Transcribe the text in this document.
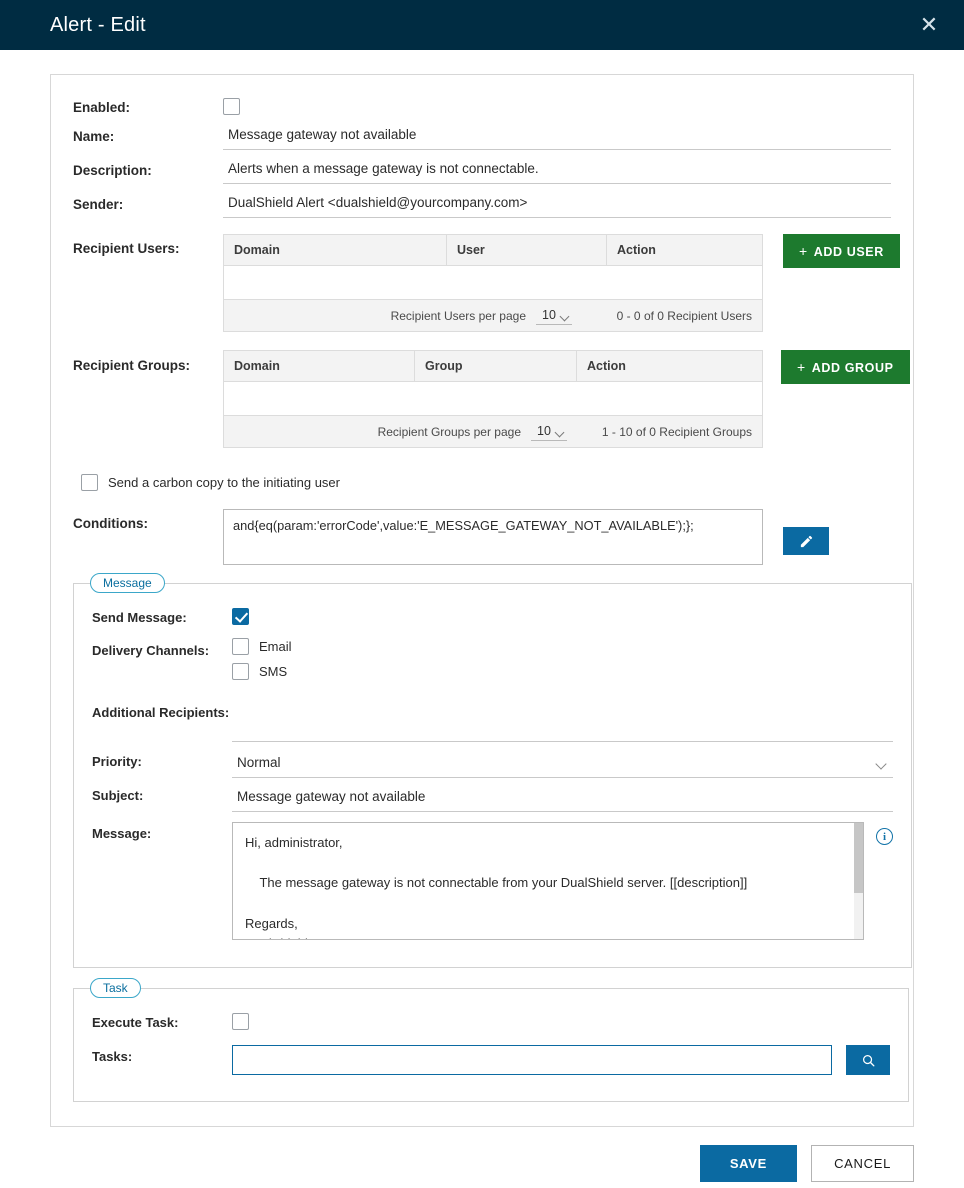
Alert - Edit	✕
Enabled:
Name:
Message gateway not available
Description:
Alerts when a message gateway is not connectable.
Sender:
DualShield Alert <dualshield@yourcompany.com>
Recipient Users:	Domain	User	Action
Recipient Users per page
10	0 - 0 of 0 Recipient Users
+ ADD USER
Recipient Groups:	Domain	Group	Action
Recipient Groups per page
10	1 - 10 of 0 Recipient Groups
+ ADD GROUP
Send a carbon copy to the initiating user
Conditions:
and{eq(param:'errorCode',value:'E_MESSAGE_GATEWAY_NOT_AVAILABLE');};
Message
Send Message:
Delivery Channels:	Email
SMS
Additional Recipients:
Priority:
Normal
Subject:
Message gateway not available
Message:
Hi, administrator, The message gateway is not connectable from your DualShield server. [[description]] Regards, DualShield	i
Task
Execute Task:
Tasks:
SAVE	CANCEL
